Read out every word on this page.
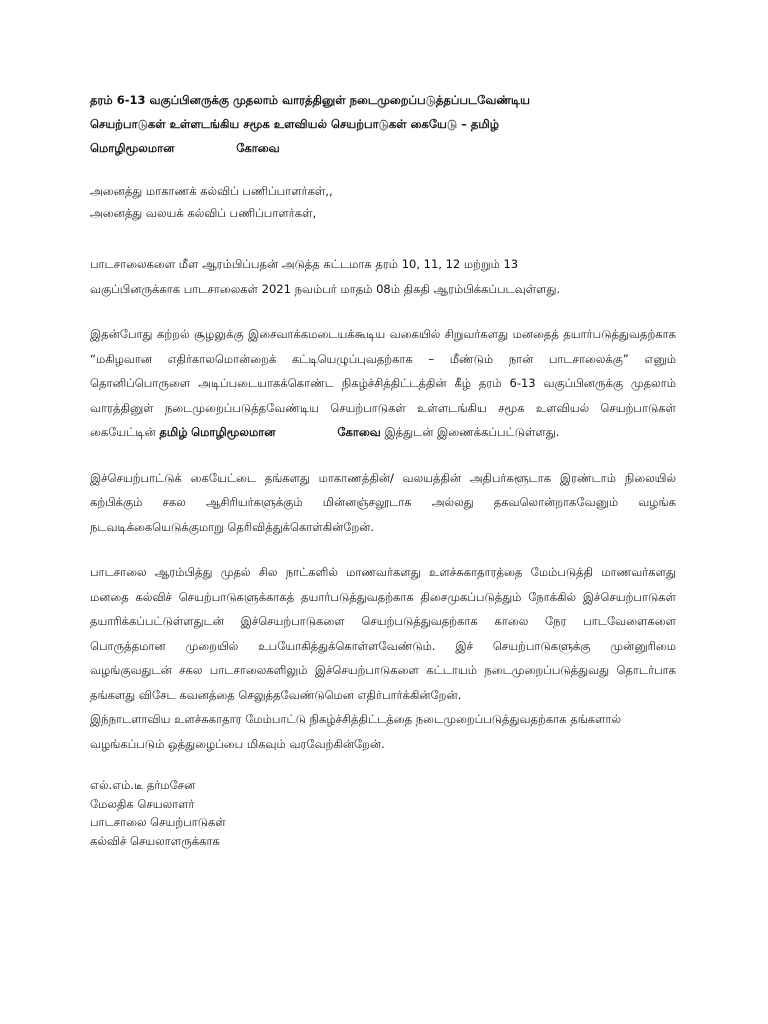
தரம் 6-13 வகுப்பினருக்கு முதலாம் வாரத்தினுள் நடைமுறைப்படுத்தப்படவேண்டிய
செயற்பாடுகள் உள்ளடங்கிய சமூக உளவியல் செயற்பாடுகள் கையேடு – தமிழ்
மொழிமூலமான	கோவை
அனைத்து மாகாணக் கல்விப் பணிப்பாளர்கள்,,
அனைத்து வலயக் கல்விப் பணிப்பாளர்கள்,
பாடசாலைகளை மீள ஆரம்பிப்பதன் அடுத்த கட்டமாக தரம் 10, 11, 12 மற்றும் 13
வகுப்பினருக்காக பாடசாலைகள் 2021 நவம்பர் மாதம் 08ம் திகதி ஆரம்பிக்கப்படவுள்ளது.

இதன்போது கற்றல் சூழலுக்கு இசைவாக்கமடையக்கூடிய வகையில் சிறுவர்களது மனதைத் தயார்படுத்துவதற்காக “மகிழவான எதிர்காலமொன்றைக் கட்டியெழுப்புவதற்காக – மீண்டும் நான் பாடசாலைக்கு” எனும் தொனிப்பொருளை அடிப்படையாகக்கொண்ட நிகழ்ச்சித்திட்டத்தின் கீழ் தரம் 6-13 வகுப்பினருக்கு முதலாம் வாரத்தினுள் நடைமுறைப்படுத்தவேண்டிய செயற்பாடுகள் உள்ளடங்கிய சமூக உளவியல் செயற்பாடுகள் கையேட்டின் தமிழ் மொழிமூலமான	கோவை இத்துடன் இணைக்கப்பட்டுள்ளது.

இச்செயற்பாட்டுக் கையேட்டை தங்களது மாகாணத்தின்/ வலயத்தின் அதிபர்களூடாக இரண்டாம் நிலையில் கற்பிக்கும் சகல ஆசிரியர்களுக்கும் மின்னஞ்சலூடாக அல்லது தகவலொன்றாகவேனும் வழங்க நடவடிக்கையெடுக்குமாறு தெரிவித்துக்கொள்கின்றேன்.

பாடசாலை ஆரம்பித்து முதல் சில நாட்களில் மாணவர்களது உளச்சுகாதாரத்தை மேம்படுத்தி மாணவர்களது மனதை கல்விச் செயற்பாடுகளுக்காகத் தயார்படுத்துவதற்காக திசைமுகப்படுத்தும் நோக்கில் இச்செயற்பாடுகள் தயாரிக்கப்பட்டுள்ளதுடன் இச்செயற்பாடுகளை செயற்படுத்துவதற்காக காலை நேர பாடவேளைகளை பொருத்தமான முறையில் உபயோகித்துக்கொள்ளவேண்டும். இச் செயற்பாடுகளுக்கு முன்னுரிமை வழங்குவதுடன் சகல பாடசாலைகளிலும் இச்செயற்பாடுகளை கட்டாயம் நடைமுறைப்படுத்துவது தொடர்பாக தங்களது விசேட கவனத்தை செலுத்தவேண்டுமென எதிர்பார்க்கின்றேன்.

இந்நாடளாவிய உளச்சுகாதார மேம்பாட்டு நிகழ்ச்சித்திட்டத்தை நடைமுறைப்படுத்துவதற்காக தங்களால் வழங்கப்படும் ஒத்துழைப்பை மிகவும் வரவேற்கின்றேன்.

எல்.எம்.டீ தர்மசேன
மேலதிக செயலாளர்
பாடசாலை செயற்பாடுகள்
கல்விச் செயலாளருக்காக
